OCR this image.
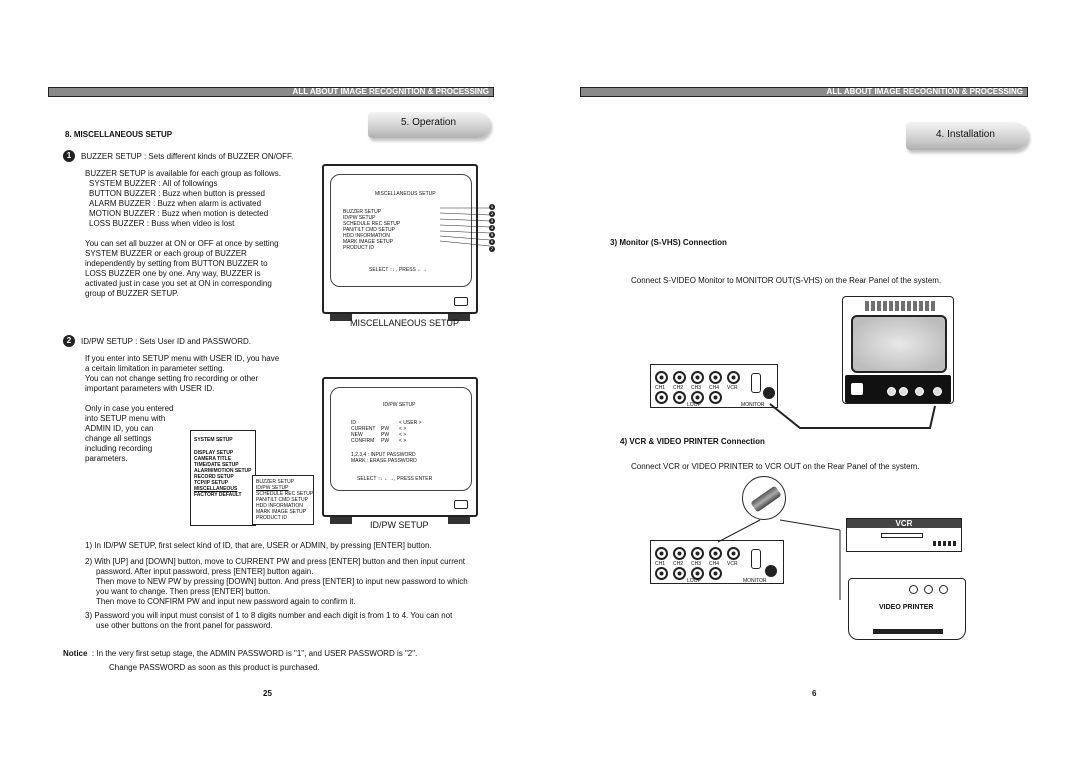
ALL ABOUT IMAGE RECOGNITION & PROCESSING
5. Operation
8. MISCELLANEOUS SETUP
1	BUZZER SETUP : Sets different kinds of BUZZER ON/OFF.
BUZZER SETUP is available for each group as follows.
SYSTEM BUZZER : All of followings
BUTTON BUZZER : Buzz when button is pressed
ALARM BUZZER : Buzz when alarm is activated
MOTION BUZZER : Buzz when motion is detected
LOSS BUZZER : Buss when video is lost
You can set all buzzer at ON or OFF at once by setting
SYSTEM BUZZER or each group of BUZZER
independently by setting from BUTTON BUZZER to
LOSS BUZZER one by one. Any way, BUZZER is
activated just in case you set at ON in corresponding
group of BUZZER SETUP.
MISCELLANEOUS SETUP
BUZZER SETUP
ID/PW SETUP
SCHEDULE REC SETUP
PAN/TILT CMD SETUP
HDD INFORMATION
MARK IMAGE SETUP
PRODUCT ID
SELECT ↑↓ , PRESS ←→
1
2
3
4
5
6
7
MISCELLANEOUS SETUP
2	ID/PW SETUP : Sets User ID and PASSWORD.
If you enter into SETUP menu with USER ID, you have
a certain limitation in parameter setting.
You can not change setting fro recording or other
important parameters with USER ID.
Only in case you entered
into SETUP menu with
ADMIN ID, you can
change all settings
including recording
parameters.
SYSTEM SETUP
DISPLAY SETUP
CAMERA TITLE
TIME/DATE SETUP
ALARM/MOTION SETUP
RECORD SETUP
TCP/IP SETUP
MISCELLANEOUS
FACTORY DEFAULT
BUZZER SETUP
ID/PW SETUP
SCHEDULE REC SETUP
PAN/TILT CMD SETUP
HDD INFORMATION
MARK IMAGE SETUP
PRODUCT ID
ID/PW SETUP
ID	< USER >
CURRENT	PW	< >
NEW	PW	< >
CONFIRM	PW	< >
1,2,3,4 : INPUT PASSWORD
MARK : ERASE PASSWORD
SELECT ↑↓ ←→, PRESS ENTER
ID/PW SETUP
1) In ID/PW SETUP, first select kind of ID, that are, USER or ADMIN, by pressing [ENTER] button.
2) With [UP] and [DOWN] button, move to CURRENT PW and press [ENTER] button and then input current
password. After input password, press [ENTER] button again.
Then move to NEW PW by pressing [DOWN] button. And press [ENTER] to input new password to which
you want to change. Then press [ENTER] button.
Then move to CONFIRM PW and input new password again to confirm it.
3) Password you will input must consist of 1 to 8 digits number and each digit is from 1 to 4. You can not
use other buttons on the front panel for password.
Notice : In the very first setup stage, the ADMIN PASSWORD is "1", and USER PASSWORD is "2".
Change PASSWORD as soon as this product is purchased.
25
ALL ABOUT IMAGE RECOGNITION & PROCESSING
4. Installation
3) Monitor (S-VHS) Connection
Connect S-VIDEO Monitor to MONITOR OUT(S-VHS) on the Rear Panel of the system.
CH1	CH2	CH3	CH4	VCR
LOOP	MONITOR
4) VCR & VIDEO PRINTER Connection
Connect VCR or VIDEO PRINTER to VCR OUT on the Rear Panel of the system.
CH1	CH2	CH3	CH4	VCR
LOOP	MONITOR
VCR
VIDEO PRINTER
6
